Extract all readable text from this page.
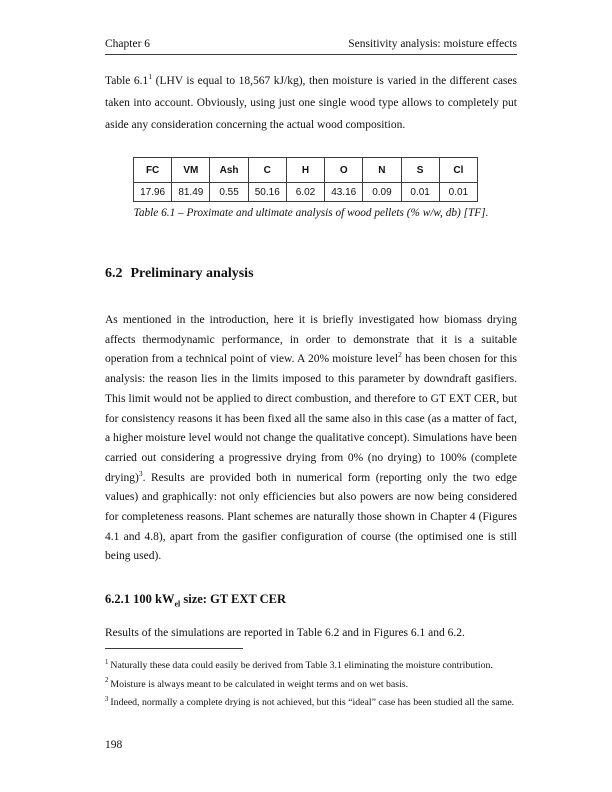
Chapter 6	Sensitivity analysis: moisture effects

Table 6.1$^1$ (LHV is equal to 18,567 kJ/kg), then moisture is varied in the different cases taken into account. Obviously, using just one single wood type allows to completely put aside any consideration concerning the actual wood composition.

FC	VM	Ash	C	H	O	N	S	Cl
17.96	81.49	0.55	50.16	6.02	43.16	0.09	0.01	0.01
Table 6.1 – Proximate and ultimate analysis of wood pellets (% w/w, db) [TF].
6.2 Preliminary analysis

As mentioned in the introduction, here it is briefly investigated how biomass drying affects thermodynamic performance, in order to demonstrate that it is a suitable operation from a technical point of view. A 20% moisture level$^2$ has been chosen for this analysis: the reason lies in the limits imposed to this parameter by downdraft gasifiers. This limit would not be applied to direct combustion, and therefore to GT EXT CER, but for consistency reasons it has been fixed all the same also in this case (as a matter of fact, a higher moisture level would not change the qualitative concept). Simulations have been carried out considering a progressive drying from 0% (no drying) to 100% (complete drying)$^3$. Results are provided both in numerical form (reporting only the two edge values) and graphically: not only efficiencies but also powers are now being considered for completeness reasons. Plant schemes are naturally those shown in Chapter 4 (Figures 4.1 and 4.8), apart from the gasifier configuration of course (the optimised one is still being used).

6.2.1 100 $kW_{el}$ size: GT EXT CER

Results of the simulations are reported in Table 6.2 and in Figures 6.1 and 6.2.

$^1$ Naturally these data could easily be derived from Table 3.1 eliminating the moisture contribution.
$^2$ Moisture is always meant to be calculated in weight terms and on wet basis.
$^3$ Indeed, normally a complete drying is not achieved, but this “ideal” case has been studied all the same.
198
